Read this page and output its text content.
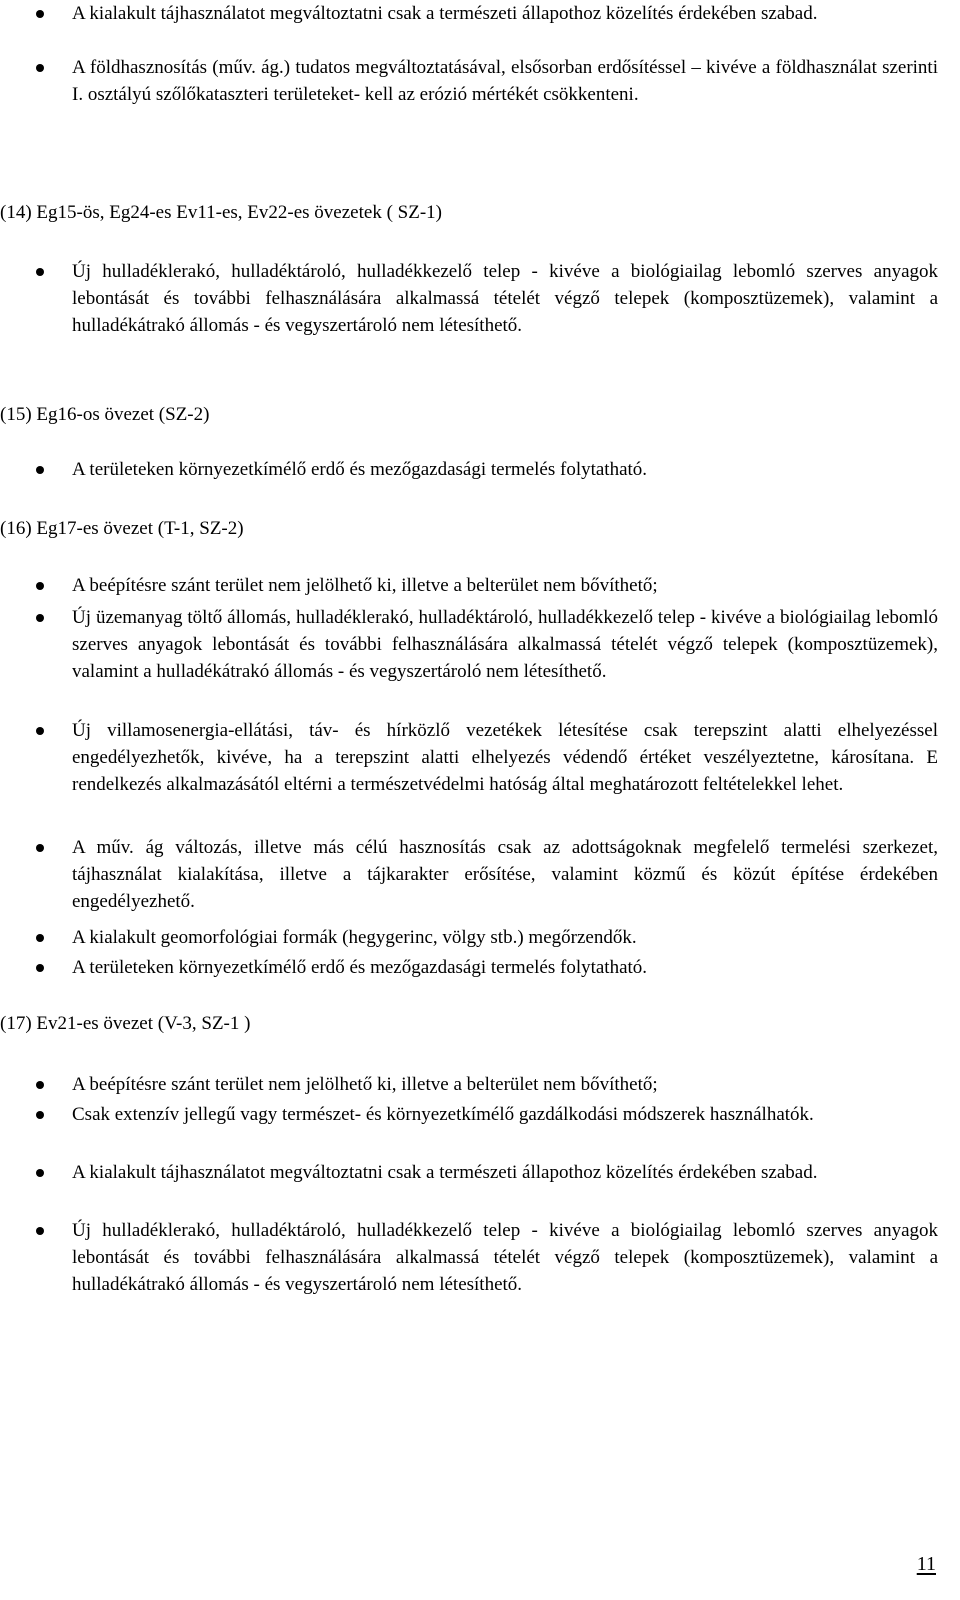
A kialakult tájhasználatot megváltoztatni csak a természeti állapothoz közelítés érdekében szabad.
A földhasznosítás (műv. ág.) tudatos megváltoztatásával, elsősorban erdősítéssel – kivéve a földhasználat szerinti I. osztályú szőlőkataszteri területeket- kell az erózió mértékét csökkenteni.
(14) Eg15-ös, Eg24-es Ev11-es, Ev22-es övezetek ( SZ-1)
Új hulladéklerakó, hulladéktároló, hulladékkezelő telep - kivéve a biológiailag lebomló szerves anyagok lebontását és további felhasználására alkalmassá tételét végző telepek (komposztüzemek), valamint a hulladékátrakó állomás - és vegyszertároló nem létesíthető.
(15) Eg16-os övezet (SZ-2)
A területeken környezetkímélő erdő és mezőgazdasági termelés folytatható.
(16) Eg17-es övezet (T-1, SZ-2)
A beépítésre szánt terület nem jelölhető ki, illetve a belterület nem bővíthető;
Új üzemanyag töltő állomás, hulladéklerakó, hulladéktároló, hulladékkezelő telep - kivéve a biológiailag lebomló szerves anyagok lebontását és további felhasználására alkalmassá tételét végző telepek (komposztüzemek), valamint a hulladékátrakó állomás - és vegyszertároló nem létesíthető.
Új villamosenergia-ellátási, táv- és hírközlő vezetékek létesítése csak terepszint alatti elhelyezéssel engedélyezhetők, kivéve, ha a terepszint alatti elhelyezés védendő értéket veszélyeztetne, károsítana. E rendelkezés alkalmazásától eltérni a természetvédelmi hatóság által meghatározott feltételekkel lehet.
A műv. ág változás, illetve más célú hasznosítás csak az adottságoknak megfelelő termelési szerkezet, tájhasználat kialakítása, illetve a tájkarakter erősítése, valamint közmű és közút építése érdekében engedélyezhető.
A kialakult geomorfológiai formák (hegygerinc, völgy stb.) megőrzendők.
A területeken környezetkímélő erdő és mezőgazdasági termelés folytatható.
(17) Ev21-es övezet (V-3, SZ-1 )
A beépítésre szánt terület nem jelölhető ki, illetve a belterület nem bővíthető;
Csak extenzív jellegű vagy természet- és környezetkímélő gazdálkodási módszerek használhatók.
A kialakult tájhasználatot megváltoztatni csak a természeti állapothoz közelítés érdekében szabad.
Új hulladéklerakó, hulladéktároló, hulladékkezelő telep - kivéve a biológiailag lebomló szerves anyagok lebontását és további felhasználására alkalmassá tételét végző telepek (komposztüzemek), valamint a hulladékátrakó állomás - és vegyszertároló nem létesíthető.
11
